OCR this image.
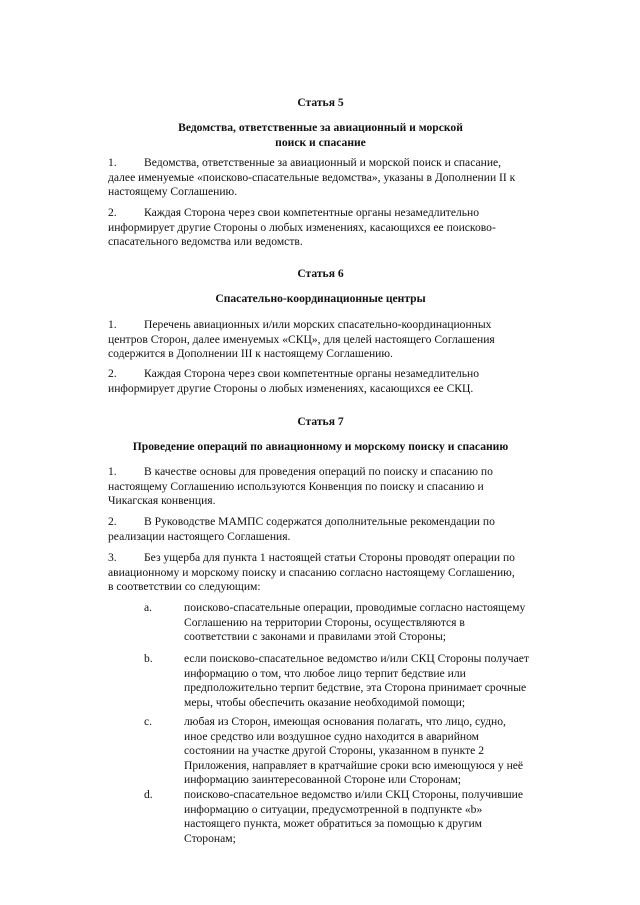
Статья 5

Ведомства, ответственные за авиационный и морской
поиск и спасание

1. Ведомства, ответственные за авиационный и морской поиск и спасание,
далее именуемые «поисково-спасательные ведомства», указаны в Дополнении II к
настоящему Соглашению.

2. Каждая Сторона через свои компетентные органы незамедлительно
информирует другие Стороны о любых изменениях, касающихся ее поисково-
спасательного ведомства или ведомств.

Статья 6

Спасательно-координационные центры

1. Перечень авиационных и/или морских спасательно-координационных
центров Сторон, далее именуемых «СКЦ», для целей настоящего Соглашения
содержится в Дополнении III к настоящему Соглашению.

2. Каждая Сторона через свои компетентные органы незамедлительно
информирует другие Стороны о любых изменениях, касающихся ее СКЦ.

Статья 7

Проведение операций по авиационному и морскому поиску и спасанию

1. В качестве основы для проведения операций по поиску и спасанию по
настоящему Соглашению используются Конвенция по поиску и спасанию и
Чикагская конвенция.

2. В Руководстве МАМПС содержатся дополнительные рекомендации по
реализации настоящего Соглашения.

3. Без ущерба для пункта 1 настоящей статьи Стороны проводят операции по
авиационному и морскому поиску и спасанию согласно настоящему Соглашению,
в соответствии со следующим:

a.	поисково-спасательные операции, проводимые согласно настоящему
Соглашению на территории Стороны, осуществляются в
соответствии с законами и правилами этой Стороны;
b.	если поисково-спасательное ведомство и/или СКЦ Стороны получает
информацию о том, что любое лицо терпит бедствие или
предположительно терпит бедствие, эта Сторона принимает срочные
меры, чтобы обеспечить оказание необходимой помощи;
c.	любая из Сторон, имеющая основания полагать, что лицо, судно,
иное средство или воздушное судно находится в аварийном
состоянии на участке другой Стороны, указанном в пункте 2
Приложения, направляет в кратчайшие сроки всю имеющуюся у неё
информацию заинтересованной Стороне или Сторонам;
d.	поисково-спасательное ведомство и/или СКЦ Стороны, получившие
информацию о ситуации, предусмотренной в подпункте «b»
настоящего пункта, может обратиться за помощью к другим
Сторонам;
